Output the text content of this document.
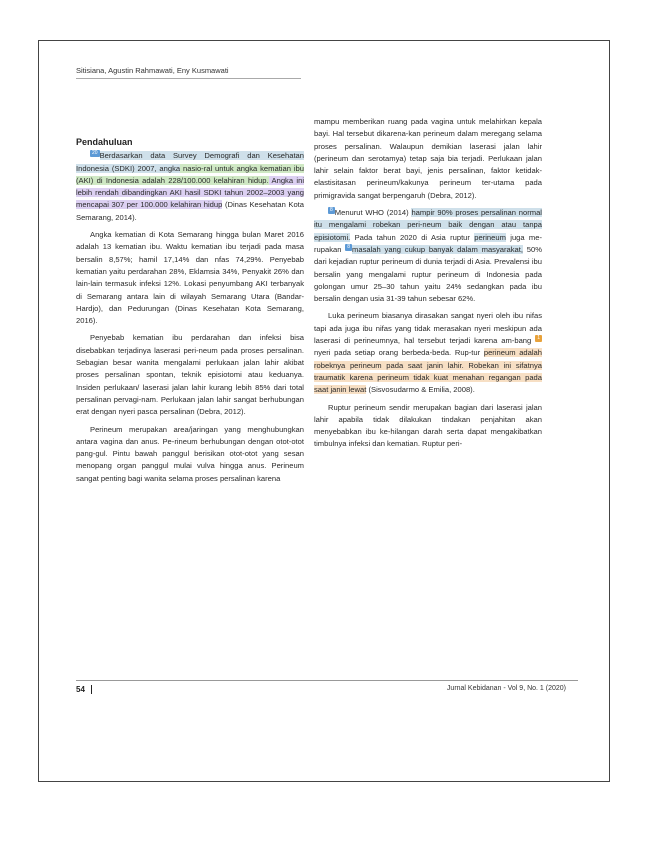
Sitisiana, Agustin Rahmawati, Eny Kusmawati
Pendahuluan

20 Berdasarkan data Survey Demografi dan Kesehatan Indonesia (SDKI) 2007, angka nasio-ral untuk angka kematian ibu (AKI) di Indonesia adalah 228/100.000 kelahiran hidup. Angka ini lebih rendah dibandingkan AKI hasil SDKI tahun 2002–2003 yang mencapai 307 per 100.000 kelahiran hidup (Dinas Kesehatan Kota Semarang, 2014).

Angka kematian di Kota Semarang hingga bulan Maret 2016 adalah 13 kematian ibu. Waktu kematian ibu terjadi pada masa bersalin 8,57%; hamil 17,14% dan nfas 74,29%. Penyebab kematian yaitu perdarahan 28%, Eklamsia 34%, Penyakit 26% dan lain-lain termasuk infeksi 12%. Lokasi penyumbang AKI terbanyak di Semarang antara lain di wilayah Semarang Utara (Bandar-Hardjo), dan Pedurungan (Dinas Kesehatan Kota Semarang, 2016).

Penyebab kematian ibu perdarahan dan infeksi bisa disebabkan terjadinya laserasi peri-neum pada proses persalinan. Sebagian besar wanita mengalami perlukaan jalan lahir akibat proses persalinan spontan, teknik episiotomi atau keduanya. Insiden perlukaan/ laserasi jalan lahir kurang lebih 85% dari total persalinan pervagi-nam. Perlukaan jalan lahir sangat berhubungan erat dengan nyeri pasca persalinan (Debra, 2012).

Perineum merupakan area/jaringan yang menghubungkan antara vagina dan anus. Pe-rineum berhubungan dengan otot-otot pang-gul. Pintu bawah panggul berisikan otot-otot yang sesan menopang organ panggul mulai vulva hingga anus. Perineum sangat penting bagi wanita selama proses persalinan karena

mampu memberikan ruang pada vagina untuk melahirkan kepala bayi. Hal tersebut dikarena-kan perineum dalam meregang selama proses persalinan. Walaupun demikian laserasi jalan lahir (perineum dan serotamya) tetap saja bia terjadi. Perlukaan jalan lahir selain faktor berat bayi, jenis persalinan, faktor ketidak-elastisitasan perineum/kakunya perineum ter-utama pada primigravida sangat berpengaruh (Debra, 2012).

8 Menurut WHO (2014) hampir 90% proses persalinan normal itu mengalami robekan peri-neum baik dengan atau tanpa episiotomi. Pada tahun 2020 di Asia ruptur perineum juga me-rupakan 8 masalah yang cukup banyak dalam masyarakat, 50% dari kejadian ruptur perineum di dunia terjadi di Asia. Prevalensi ibu bersalin yang mengalami ruptur perineum di Indonesia pada golongan umur 25–30 tahun yaitu 24% sedangkan pada ibu bersalin dengan usia 31-39 tahun sebesar 62%.

Luka perineum biasanya dirasakan sangat nyeri oleh ibu nifas tapi ada juga ibu nifas yang tidak merasakan nyeri meskipun ada laserasi di perineumnya, hal tersebut terjadi karena am-bang 1nyeri pada setiap orang berbeda-beda. Rup-tur perineum adalah robeknya perineum pada saat janin lahir. Robekan ini sifatnya traumatik karena perineum tidak kuat menahan regangan pada saat janin lewat (Sisvosudarmo & Emilia, 2008).

Ruptur perineum sendir merupakan bagian dari laserasi jalan lahir apabila tidak dilakukan tindakan penjahitan akan menyebabkan ibu ke-hilangan darah serta dapat mengakibatkan timbulnya infeksi dan kematian. Ruptur peri-

54	Jurnal Kebidanan - Vol 9, No. 1 (2020)
